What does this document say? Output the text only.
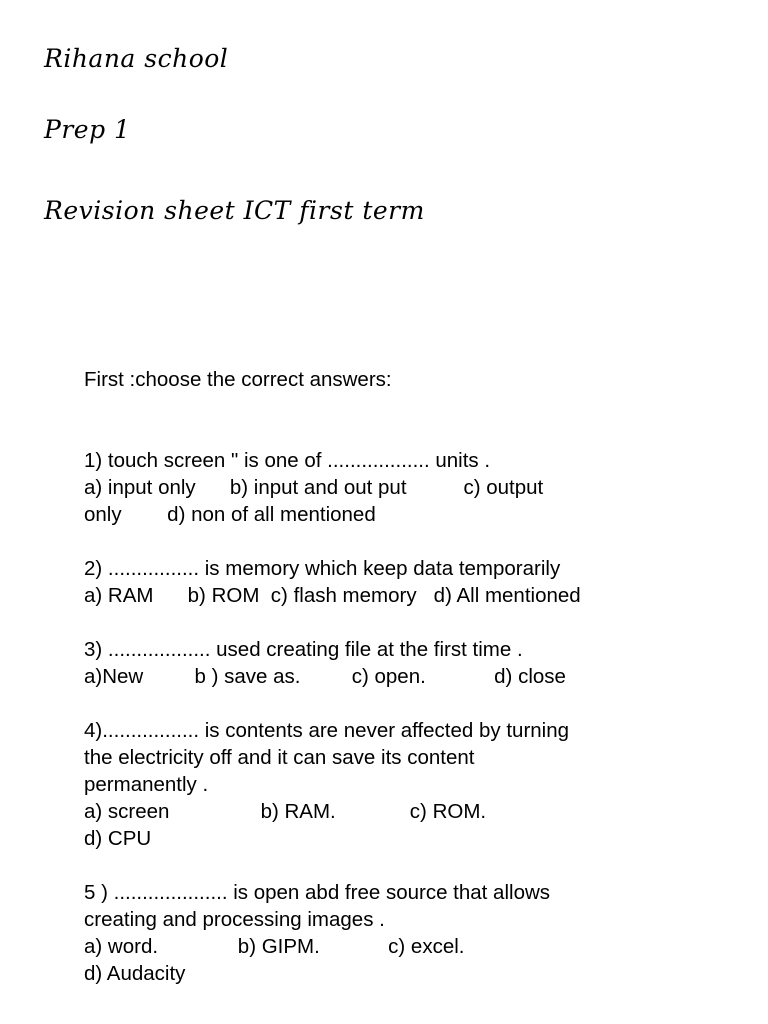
Rihana school
Prep 1
Revision sheet ICT first term
First :choose the correct answers:
1) touch screen " is one of .................. units .
a) input only      b) input and out put          c) output
only        d) non of all mentioned
2) ................ is memory which keep data temporarily
a) RAM      b) ROM  c) flash memory   d) All mentioned
3) .................. used creating file at the first time .
a)New         b ) save as.         c) open.            d) close
4)................. is contents are never affected by turning
the electricity off and it can save its content
permanently .
a) screen                b) RAM.             c) ROM.
d) CPU
5 ) .................... is open abd free source that allows
creating and processing images .
a) word.              b) GIPM.            c) excel.
d) Audacity
